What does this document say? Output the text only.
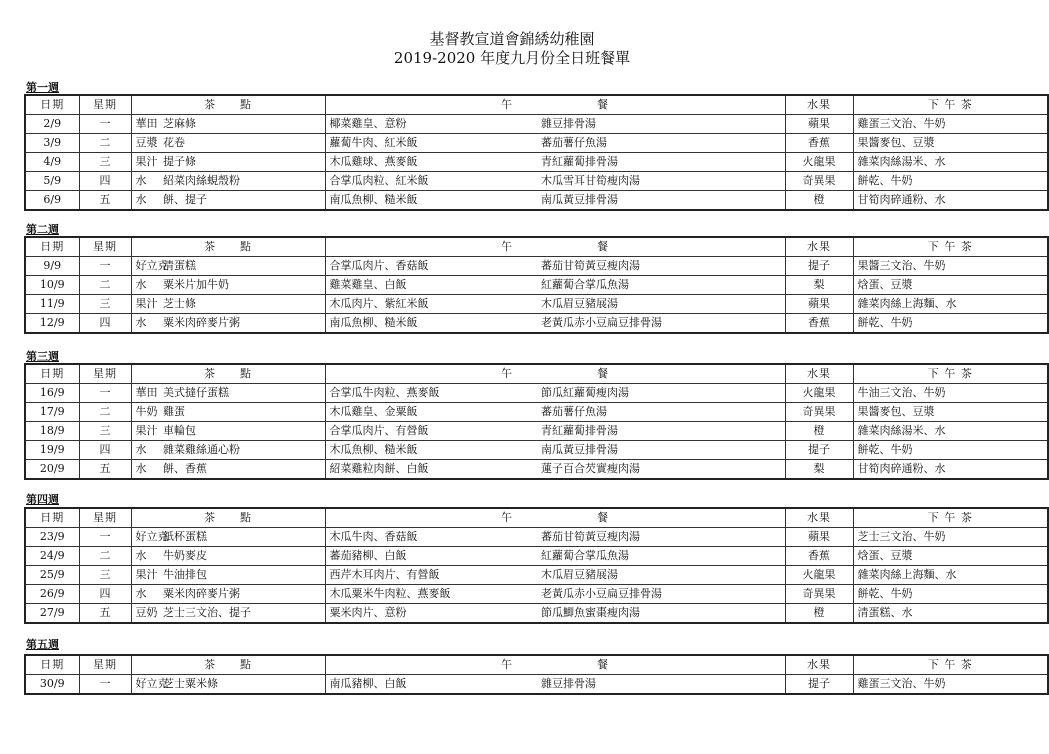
基督教宣道會錦綉幼稚園
2019-2020 年度九月份全日班餐單
第一週
日期	星期	茶　　點		午　　　　　　　餐		水果	下 午 茶
2/9	一	華田	芝麻條	椰菜雞皇、意粉	雜豆排骨湯	蘋果	雞蛋三文治、牛奶
3/9	二	豆漿	花卷	蘿蔔牛肉、紅米飯	蕃茄薯仔魚湯	香蕉	果醬麥包、豆漿
4/9	三	果汁	提子條	木瓜雞球、燕麥飯	青紅蘿蔔排骨湯	火龍果	雜菜肉絲湯米、水
5/9	四	水	紹菜肉絲蜆殼粉	合掌瓜肉粒、紅米飯	木瓜雪耳甘筍瘦肉湯	奇異果	餅乾、牛奶
6/9	五	水	餅、提子	南瓜魚柳、糙米飯	南瓜黃豆排骨湯	橙	甘筍肉碎通粉、水
第二週
日期	星期	茶　　點		午　　　　　　　餐		水果	下 午 茶
9/9	一	好立克	清蛋糕	合掌瓜肉片、香菇飯	蕃茄甘筍黃豆瘦肉湯	提子	果醬三文治、牛奶
10/9	二	水	粟米片加牛奶	雞菜雞皇、白飯	紅蘿蔔合掌瓜魚湯	梨	焓蛋、豆漿
11/9	三	果汁	芝士條	木瓜肉片、紫紅米飯	木瓜眉豆豬展湯	蘋果	雜菜肉絲上海麵、水
12/9	四	水	粟米肉碎麥片粥	南瓜魚柳、糙米飯	老黃瓜赤小豆扁豆排骨湯	香蕉	餅乾、牛奶
第三週
日期	星期	茶　　點		午　　　　　　　餐		水果	下 午 茶
16/9	一	華田	美式撻仔蛋糕	合掌瓜牛肉粒、燕麥飯	節瓜紅蘿蔔瘦肉湯	火龍果	牛油三文治、牛奶
17/9	二	牛奶	雞蛋	木瓜雞皇、金粟飯	蕃茄薯仔魚湯	奇異果	果醬麥包、豆漿
18/9	三	果汁	車輪包	合掌瓜肉片、有營飯	青紅蘿蔔排骨湯	橙	雜菜肉絲湯米、水
19/9	四	水	雜菜雞絲通心粉	木瓜魚柳、糙米飯	南瓜黃豆排骨湯	提子	餅乾、牛奶
20/9	五	水	餅、香蕉	紹菜雞粒肉餅、白飯	蓮子百合芡實瘦肉湯	梨	甘筍肉碎通粉、水
第四週
日期	星期	茶　　點		午　　　　　　　餐		水果	下 午 茶
23/9	一	好立克	紙杯蛋糕	木瓜牛肉、香菇飯	蕃茄甘筍黃豆瘦肉湯	蘋果	芝士三文治、牛奶
24/9	二	水	牛奶麥皮	蕃茄豬柳、白飯	紅蘿蔔合掌瓜魚湯	香蕉	焓蛋、豆漿
25/9	三	果汁	牛油排包	西芹木耳肉片、有營飯	木瓜眉豆豬展湯	火龍果	雜菜肉絲上海麵、水
26/9	四	水	粟米肉碎麥片粥	木瓜粟米牛肉粒、燕麥飯	老黃瓜赤小豆扁豆排骨湯	奇異果	餅乾、牛奶
27/9	五	豆奶	芝士三文治、提子	粟米肉片、意粉	節瓜鯽魚蜜棗瘦肉湯	橙	清蛋糕、水
第五週
日期	星期	茶　　點		午　　　　　　　餐		水果	下 午 茶
30/9	一	好立克	芝士粟米條	南瓜豬柳、白飯	雜豆排骨湯	提子	雞蛋三文治、牛奶
